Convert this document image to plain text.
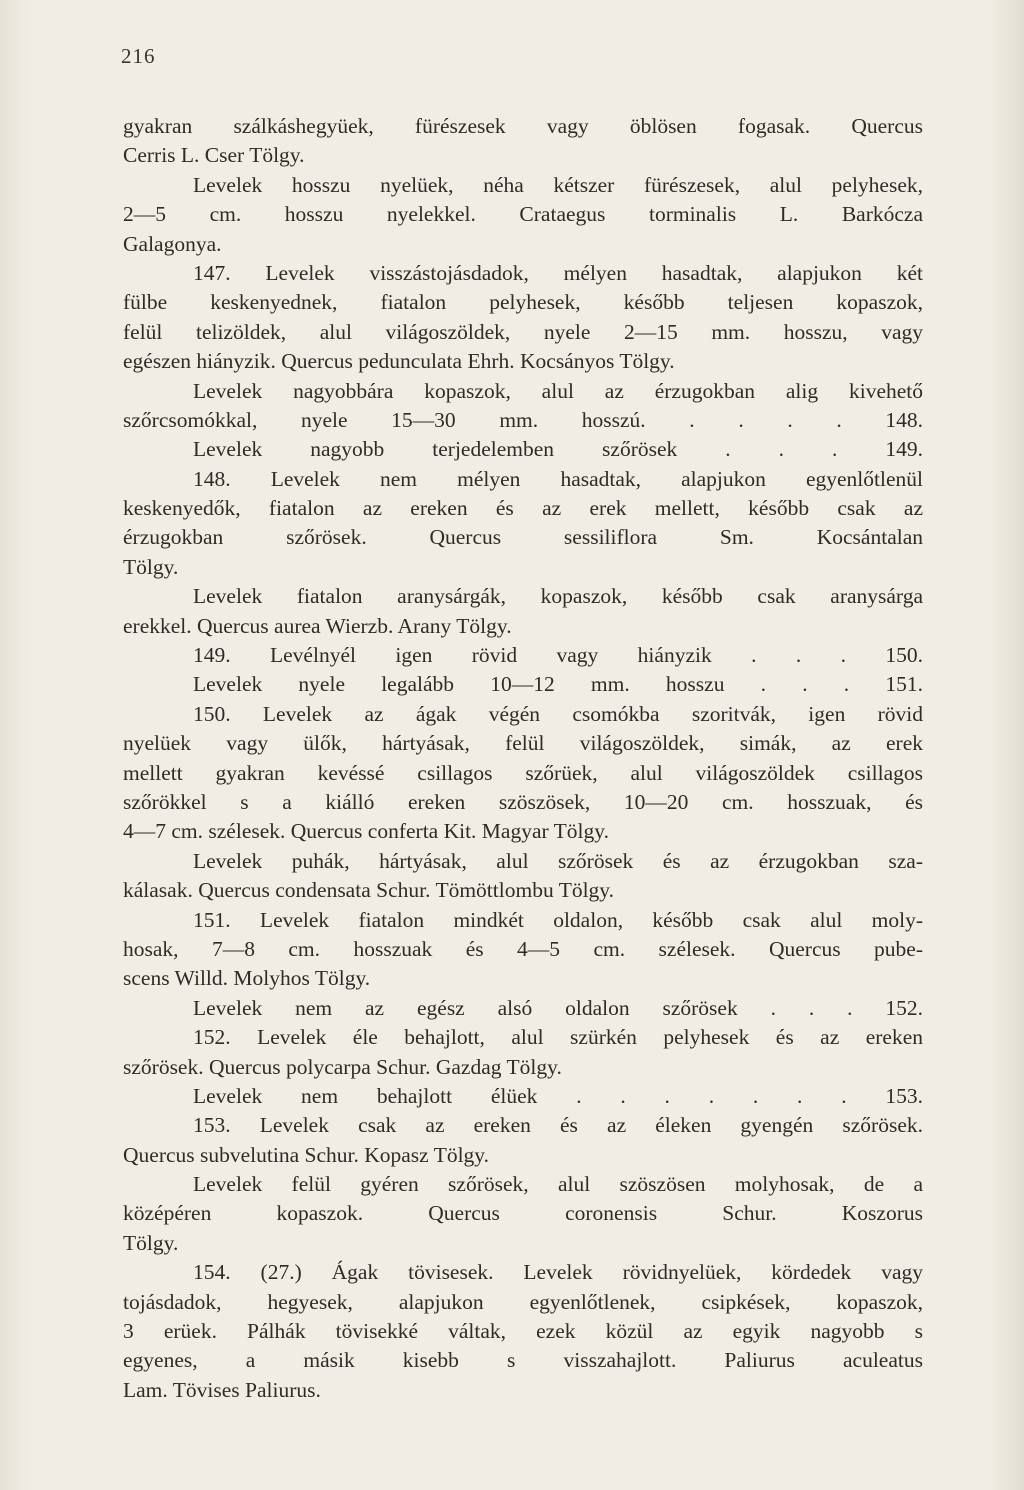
216
gyakran szálkáshegyüek, fürészesek vagy öblösen fogasak. Quercus
Cerris L. Cser Tölgy.
Levelek hosszu nyelüek, néha kétszer fürészesek, alul pelyhesek,
2—5 cm. hosszu nyelekkel. Crataegus torminalis L. Barkócza
Galagonya.
147. Levelek visszástojásdadok, mélyen hasadtak, alapjukon két
fülbe keskenyednek, fiatalon pelyhesek, később teljesen kopaszok,
felül telizöldek, alul világoszöldek, nyele 2—15 mm. hosszu, vagy
egészen hiányzik. Quercus pedunculata Ehrh. Kocsányos Tölgy.
Levelek nagyobbára kopaszok, alul az érzugokban alig kivehető
szőrcsomókkal, nyele 15—30 mm. hosszú. . . . . 148.
Levelek nagyobb terjedelemben szőrösek . . . 149.
148. Levelek nem mélyen hasadtak, alapjukon egyenlőtlenül
keskenyedők, fiatalon az ereken és az erek mellett, később csak az
érzugokban szőrösek. Quercus sessiliflora Sm. Kocsántalan
Tölgy.
Levelek fiatalon aranysárgák, kopaszok, később csak aranysárga
erekkel. Quercus aurea Wierzb. Arany Tölgy.
149. Levélnyél igen rövid vagy hiányzik . . . 150.
Levelek nyele legalább 10—12 mm. hosszu . . . 151.
150. Levelek az ágak végén csomókba szoritvák, igen rövid
nyelüek vagy ülők, hártyásak, felül világoszöldek, simák, az erek
mellett gyakran kevéssé csillagos szőrüek, alul világoszöldek csillagos
szőrökkel s a kiálló ereken szöszösek, 10—20 cm. hosszuak, és
4—7 cm. szélesek. Quercus conferta Kit. Magyar Tölgy.
Levelek puhák, hártyásak, alul szőrösek és az érzugokban sza-
kálasak. Quercus condensata Schur. Tömöttlombu Tölgy.
151. Levelek fiatalon mindkét oldalon, később csak alul moly-
hosak, 7—8 cm. hosszuak és 4—5 cm. szélesek. Quercus pube-
scens Willd. Molyhos Tölgy.
Levelek nem az egész alsó oldalon szőrösek . . . 152.
152. Levelek éle behajlott, alul szürkén pelyhesek és az ereken
szőrösek. Quercus polycarpa Schur. Gazdag Tölgy.
Levelek nem behajlott élüek . . . . . . . 153.
153. Levelek csak az ereken és az éleken gyengén szőrösek.
Quercus subvelutina Schur. Kopasz Tölgy.
Levelek felül gyéren szőrösek, alul szöszösen molyhosak, de a
középéren kopaszok. Quercus coronensis Schur. Koszorus
Tölgy.
154. (27.) Ágak tövisesek. Levelek rövidnyelüek, kördedek vagy
tojásdadok, hegyesek, alapjukon egyenlőtlenek, csipkések, kopaszok,
3 erüek. Pálhák tövisekké váltak, ezek közül az egyik nagyobb s
egyenes, a másik kisebb s visszahajlott. Paliurus aculeatus
Lam. Tövises Paliurus.
